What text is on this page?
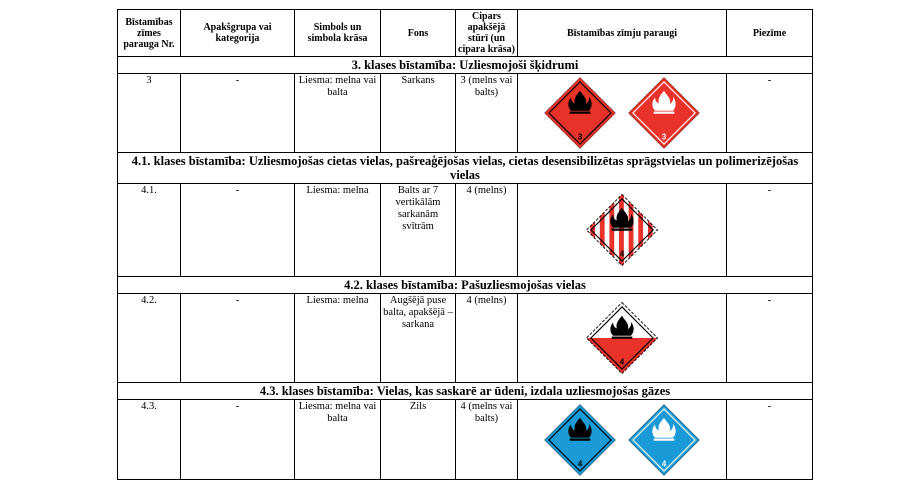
Bīstamības zīmes parauga Nr.	Apakšgrupa vai kategorija	Simbols un simbola krāsa	Fons	Cipars apakšējā stūrī (un cipara krāsa)	Bīstamības zīmju paraugi	Piezīme
3. klases bīstamība: Uzliesmojoši šķidrumi						
3	-	Liesma: melna vai balta	Sarkans	3 (melns vai balts)	3 3	-
4.1. klases bīstamība: Uzliesmojošas cietas vielas, pašreaģējošas vielas, cietas desensibilizētas sprāgstvielas un polimerizējošas vielas						
4.1.	-	Liesma: melna	Balts ar 7 vertikālām sarkanām svītrām	4 (melns)	4	-
4.2. klases bīstamība: Pašuzliesmojošas vielas						
4.2.	-	Liesma: melna	Augšējā puse balta, apakšējā – sarkana	4 (melns)	4	-
4.3. klases bīstamība: Vielas, kas saskarē ar ūdeni, izdala uzliesmojošas gāzes						
4.3.	-	Liesma: melna vai balta	Zils	4 (melns vai balts)	4 4	-
